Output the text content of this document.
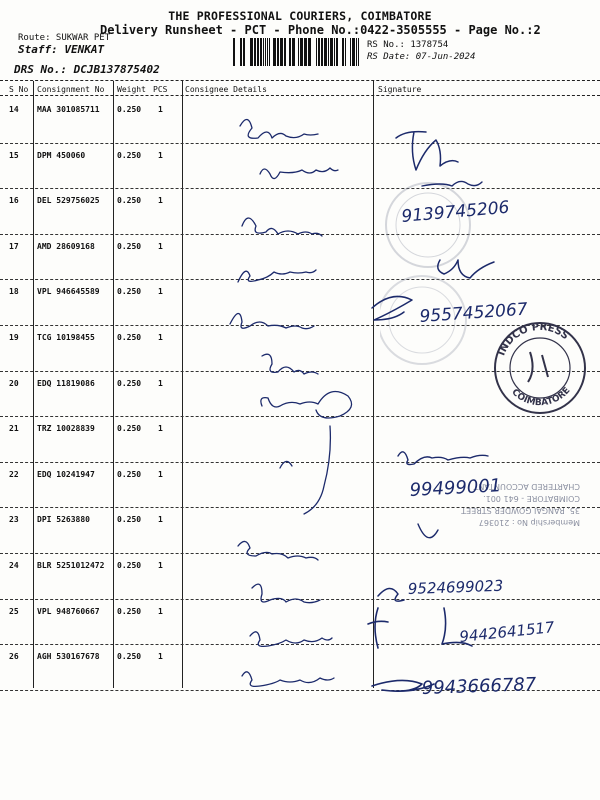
THE PROFESSIONAL COURIERS, COIMBATORE
Delivery Runsheet - PCT - Phone No.:0422-3505555 - Page No.:2
Route: SUKWAR PET
Staff: VENKAT
DRS No.: DCJB137875402
RS No.: 1378754
RS Date: 07-Jun-2024
S No Consignment No Weight PCS Consignee Details	Signature
14 MAA 301085711 0.250 1
15 DPM 450060	0.250 1
16 DEL 529756025 0.250 1
17 AMD 28609168	0.250 1
18 VPL 946645589 0.250 1
19 TCG 10198455	0.250 1
20 EDQ 11819086	0.250 1
21 TRZ 10028839	0.250 1
22 EDQ 10241947	0.250 1
23 DPI 5263880	0.250 1
24 BLR 5251012472 0.250 1
25 VPL 948760667 0.250 1
26 AGH 530167678 0.250 1
INDCO PRESS
COIMBATORE
Membership No : 210367
35, RANGAI GOWDER STREET
COIMBATORE - 641 001.
CHARTERED ACCOUNTANT
9139745206
9557452067
99499001
9524699023
9442641517
9943666787
